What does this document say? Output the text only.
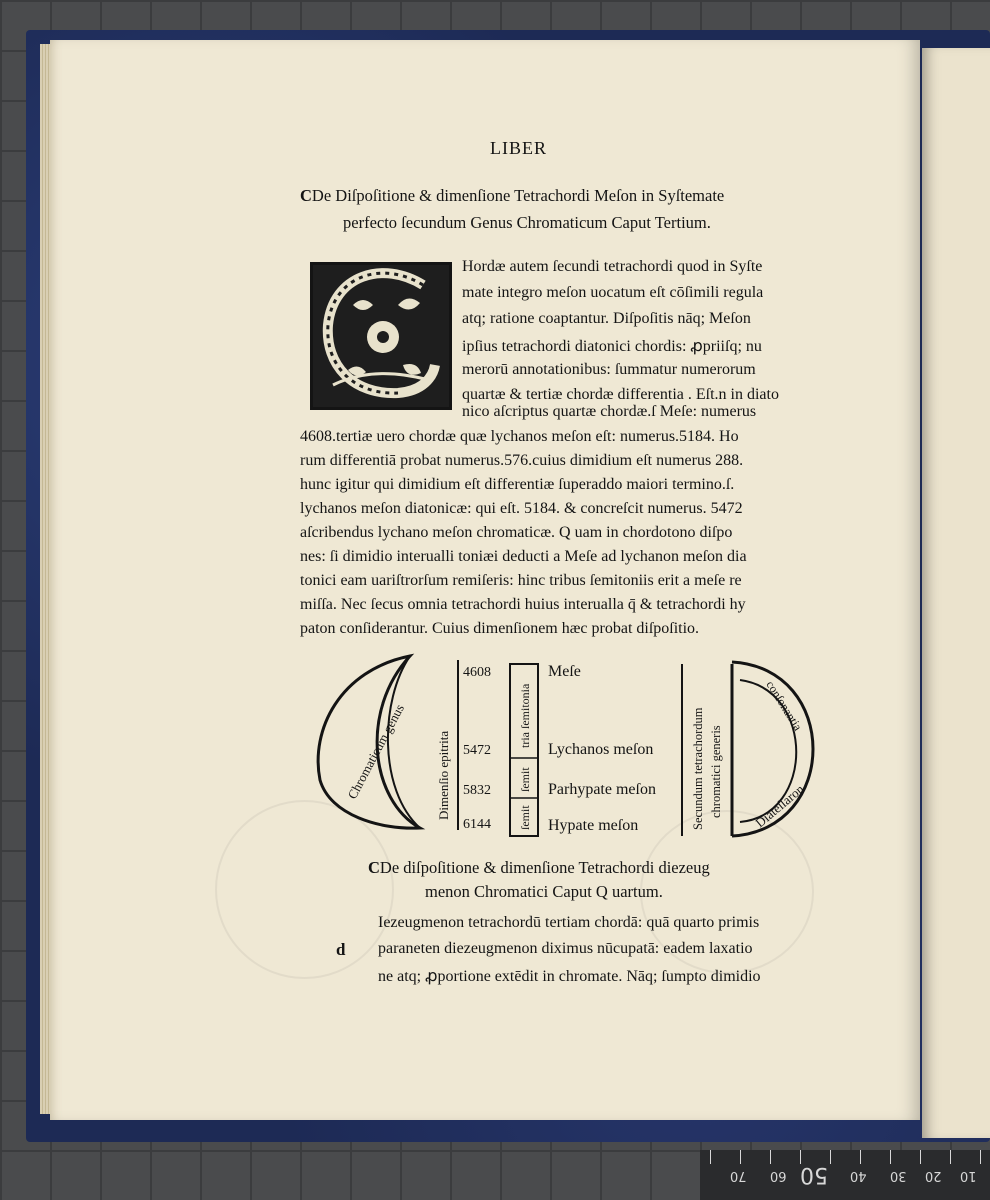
LIBER
CDe Diſpoſitione & dimenſione Tetrachordi Meſon in Syſtemate
perfecto ſecundum Genus Chromaticum Caput Tertium.
Hordæ autem ſecundi tetrachordi quod in Syſte
mate integro meſon uocatum eſt cōſimili regula
atq; ratione coaptantur. Diſpoſitis nāq; Meſon
ipſius tetrachordi diatonici chordis: ꝓpriiſq; nu
merorū annotationibus: ſummatur numerorum
quartæ & tertiæ chordæ differentia . Eſt.n in diato
nico aſcriptus quartæ chordæ.ſ Meſe: numerus
4608.tertiæ uero chordæ quæ lychanos meſon eſt: numerus.5184. Ho
rum differentiā probat numerus.576.cuius dimidium eſt numerus 288.
hunc igitur qui dimidium eſt differentiæ ſuperaddo maiori termino.ſ.
lychanos meſon diatonicæ: qui eſt. 5184. & concreſcit numerus. 5472
aſcribendus lychano meſon chromaticæ. Q uam in chordotono diſpo
nes: ſi dimidio interualli toniæi deducti a Meſe ad lychanon meſon dia
tonici eam uariſtrorſum remiſeris: hinc tribus ſemitoniis erit a meſe re
miſſa. Nec ſecus omnia tetrachordi huius interualla q̄ & tetrachordi hy
paton conſiderantur. Cuius dimenſionem hæc probat diſpoſitio.
Chromaticum genus Dimenſio epitrita
4608
5472
5832
6144
tria ſemitonia
ſemit
ſemit
Meſe
Lychanos meſon
Parhypate meſon
Hypate meſon	Secundum tetrachordum chromatici generis Diateſſaron
conſonantia
CDe diſpoſitione & dimenſione Tetrachordi diezeug
menon Chromatici Caput Q uartum.
d
Iezeugmenon tetrachordū tertiam chordā: quā quarto primis
paraneten diezeugmenon diximus nūcupatā: eadem laxatio
ne atq; ꝓportione extēdit in chromate. Nāq; ſumpto dimidio
70 60 50 40 30 20 10
